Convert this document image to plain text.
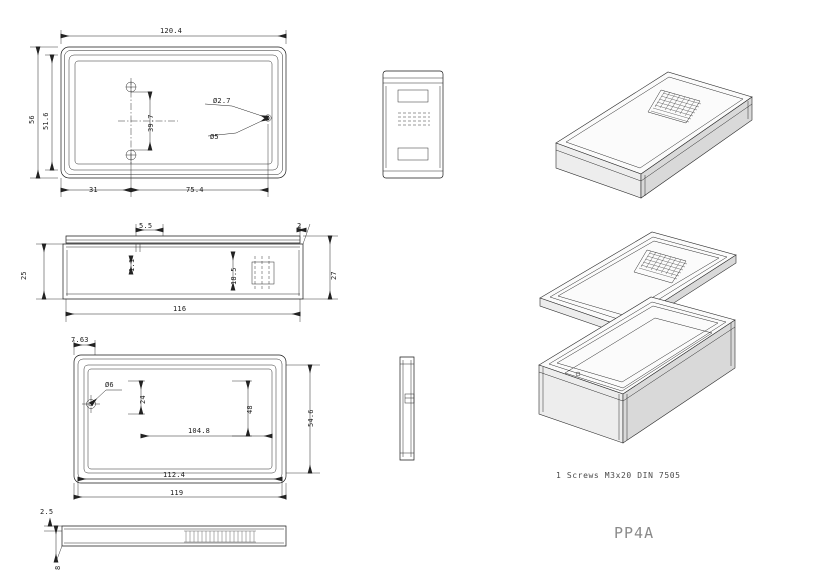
120.4
56 51.6	39.7
31	75.4
Ø2.7
Ø5
5.5
1.1
18.5
2
25	27
116
7.63
Ø6
24
48	54.6
104.8
112.4
119
2.5
8
1 Screws M3x20 DIN 7505
PP4A
